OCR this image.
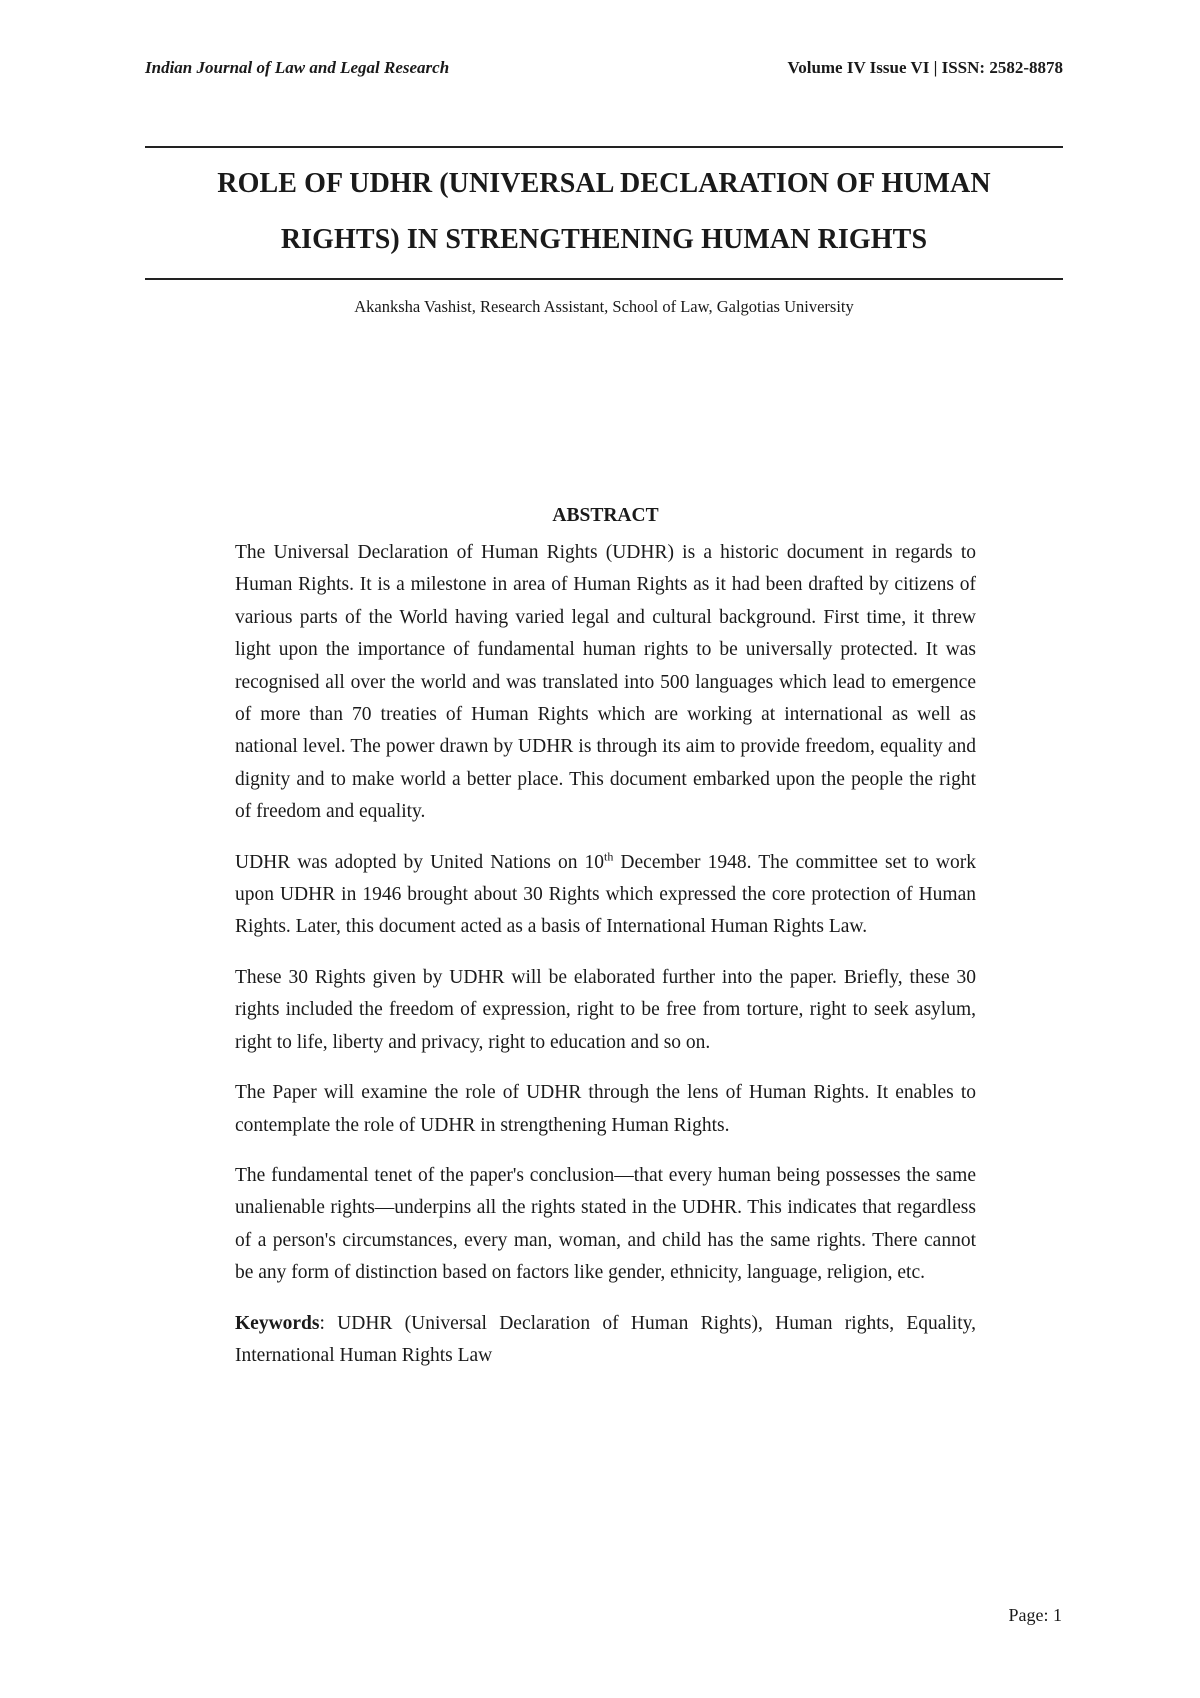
Indian Journal of Law and Legal Research	Volume IV Issue VI | ISSN: 2582-8878
ROLE OF UDHR (UNIVERSAL DECLARATION OF HUMAN
RIGHTS) IN STRENGTHENING HUMAN RIGHTS
Akanksha Vashist, Research Assistant, School of Law, Galgotias University
ABSTRACT

The Universal Declaration of Human Rights (UDHR) is a historic document in regards to Human Rights. It is a milestone in area of Human Rights as it had been drafted by citizens of various parts of the World having varied legal and cultural background. First time, it threw light upon the importance of fundamental human rights to be universally protected. It was recognised all over the world and was translated into 500 languages which lead to emergence of more than 70 treaties of Human Rights which are working at international as well as national level. The power drawn by UDHR is through its aim to provide freedom, equality and dignity and to make world a better place. This document embarked upon the people the right of freedom and equality.

UDHR was adopted by United Nations on 10th December 1948. The committee set to work upon UDHR in 1946 brought about 30 Rights which expressed the core protection of Human Rights. Later, this document acted as a basis of International Human Rights Law.

These 30 Rights given by UDHR will be elaborated further into the paper. Briefly, these 30 rights included the freedom of expression, right to be free from torture, right to seek asylum, right to life, liberty and privacy, right to education and so on.

The Paper will examine the role of UDHR through the lens of Human Rights. It enables to contemplate the role of UDHR in strengthening Human Rights.

The fundamental tenet of the paper's conclusion—that every human being possesses the same unalienable rights—underpins all the rights stated in the UDHR. This indicates that regardless of a person's circumstances, every man, woman, and child has the same rights. There cannot be any form of distinction based on factors like gender, ethnicity, language, religion, etc.

Keywords: UDHR (Universal Declaration of Human Rights), Human rights, Equality, International Human Rights Law

Page: 1
